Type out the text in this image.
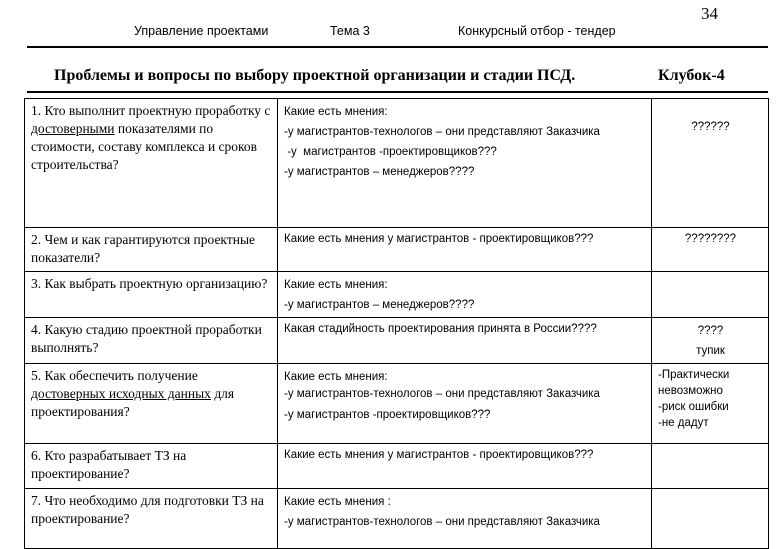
Управление проектами	Тема 3	Конкурсный отбор - тендер
34
Проблемы и вопросы по выбору проектной организации и стадии ПСД.	Клубок-4
1. Кто выполнит проектную проработку с достоверными показателями по стоимости, составу комплекса и сроков строительства?	Какие есть мнения:
-у магистрантов-технологов – они представляют Заказчика
-у  магистрантов -проектировщиков???
-у магистрантов – менеджеров????	??????

2. Чем и как гарантируются проектные показатели?	Какие есть мнения у магистрантов - проектировщиков???	????????

3. Как выбрать проектную организацию?	Какие есть мнения:
-у магистрантов – менеджеров????	

4. Какую стадию проектной проработки выполнять?	Какая стадийность проектирования принята в России????	????
тупик

5. Как обеспечить получение достоверных исходных данных для проектирования?	Какие есть мнения:
-у магистрантов-технологов – они представляют Заказчика
-у магистрантов -проектировщиков???	-Практически невозможно
-риск ошибки
-не дадут

6. Кто разрабатывает ТЗ на проектирование?	Какие есть мнения у магистрантов - проектировщиков???	

7. Что необходимо для подготовки ТЗ на проектирование?	Какие есть мнения :
-у магистрантов-технологов – они представляют Заказчика	
